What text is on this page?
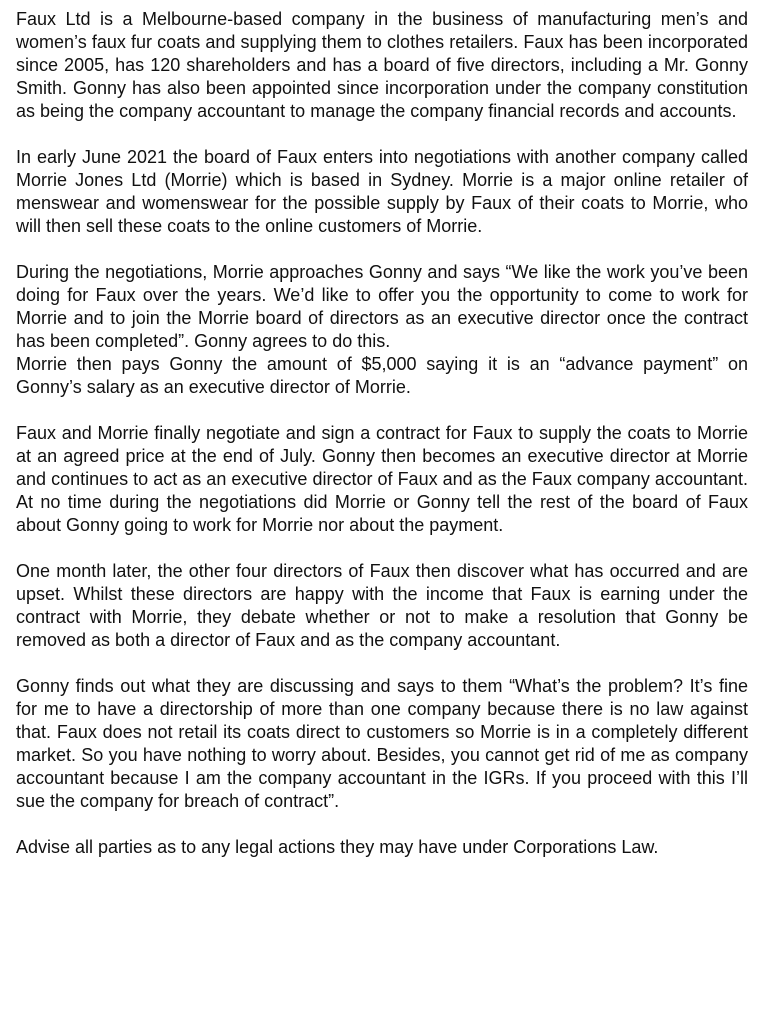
Faux Ltd is a Melbourne-based company in the business of manufacturing men’s and women’s faux fur coats and supplying them to clothes retailers. Faux has been incorporated since 2005, has 120 shareholders and has a board of five directors, including a Mr. Gonny Smith. Gonny has also been appointed since incorporation under the company constitution as being the company accountant to manage the company financial records and accounts.

In early June 2021 the board of Faux enters into negotiations with another company called Morrie Jones Ltd (Morrie) which is based in Sydney. Morrie is a major online retailer of menswear and womenswear for the possible supply by Faux of their coats to Morrie, who will then sell these coats to the online customers of Morrie.

During the negotiations, Morrie approaches Gonny and says “We like the work you’ve been doing for Faux over the years. We’d like to offer you the opportunity to come to work for Morrie and to join the Morrie board of directors as an executive director once the contract has been completed”. Gonny agrees to do this.

Morrie then pays Gonny the amount of $5,000 saying it is an “advance payment” on Gonny’s salary as an executive director of Morrie.

Faux and Morrie finally negotiate and sign a contract for Faux to supply the coats to Morrie at an agreed price at the end of July. Gonny then becomes an executive director at Morrie and continues to act as an executive director of Faux and as the Faux company accountant. At no time during the negotiations did Morrie or Gonny tell the rest of the board of Faux about Gonny going to work for Morrie nor about the payment.

One month later, the other four directors of Faux then discover what has occurred and are upset. Whilst these directors are happy with the income that Faux is earning under the contract with Morrie, they debate whether or not to make a resolution that Gonny be removed as both a director of Faux and as the company accountant.

Gonny finds out what they are discussing and says to them “What’s the problem? It’s fine for me to have a directorship of more than one company because there is no law against that. Faux does not retail its coats direct to customers so Morrie is in a completely different market. So you have nothing to worry about. Besides, you cannot get rid of me as company accountant because I am the company accountant in the IGRs. If you proceed with this I’ll sue the company for breach of contract”.

Advise all parties as to any legal actions they may have under Corporations Law.
